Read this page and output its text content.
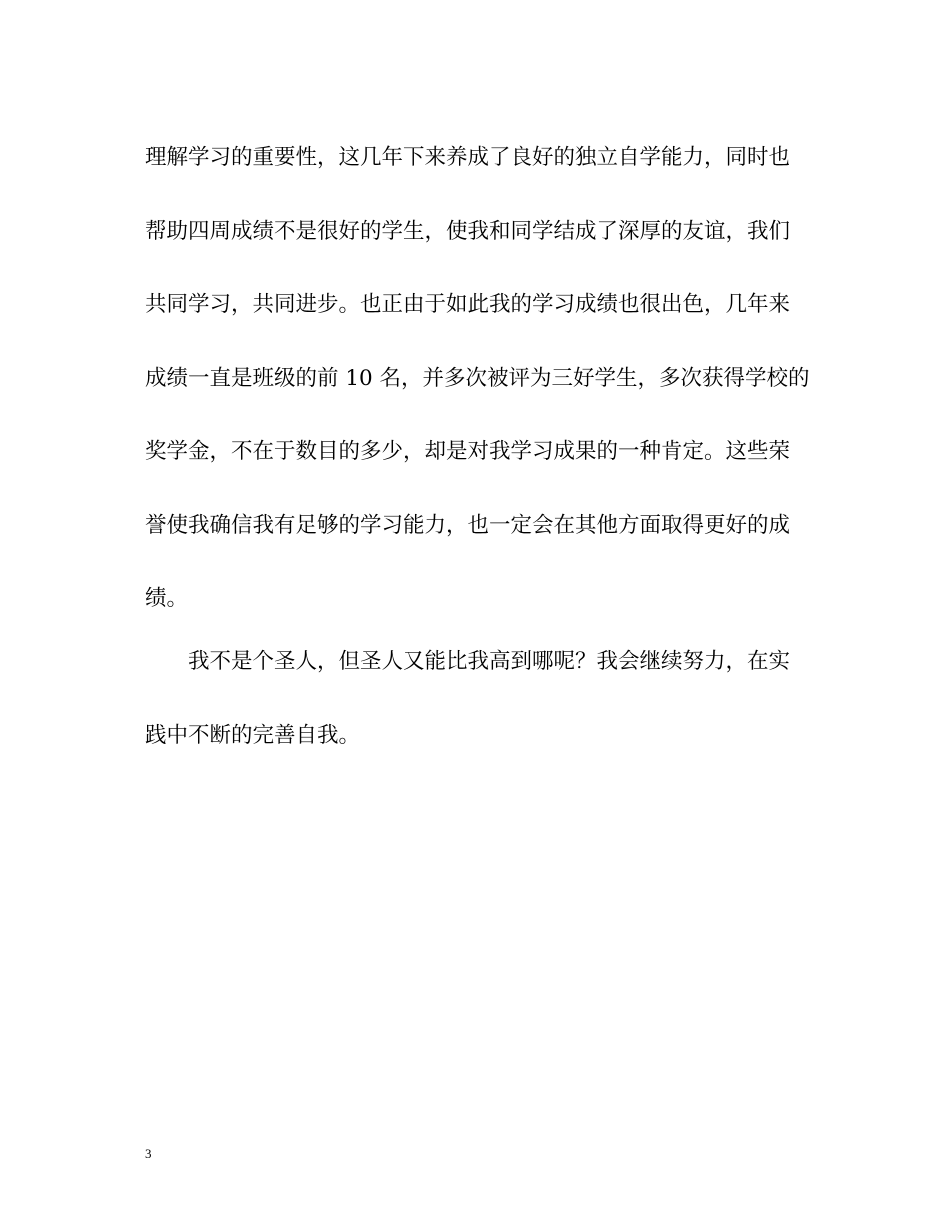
理解学习的重要性，这几年下来养成了良好的独立自学能力，同时也
帮助四周成绩不是很好的学生，使我和同学结成了深厚的友谊，我们
共同学习，共同进步。也正由于如此我的学习成绩也很出色，几年来
成绩一直是班级的前 10 名，并多次被评为三好学生，多次获得学校的
奖学金，不在于数目的多少，却是对我学习成果的一种肯定。这些荣
誉使我确信我有足够的学习能力，也一定会在其他方面取得更好的成
绩。
我不是个圣人，但圣人又能比我高到哪呢？我会继续努力，在实
践中不断的完善自我。
3
